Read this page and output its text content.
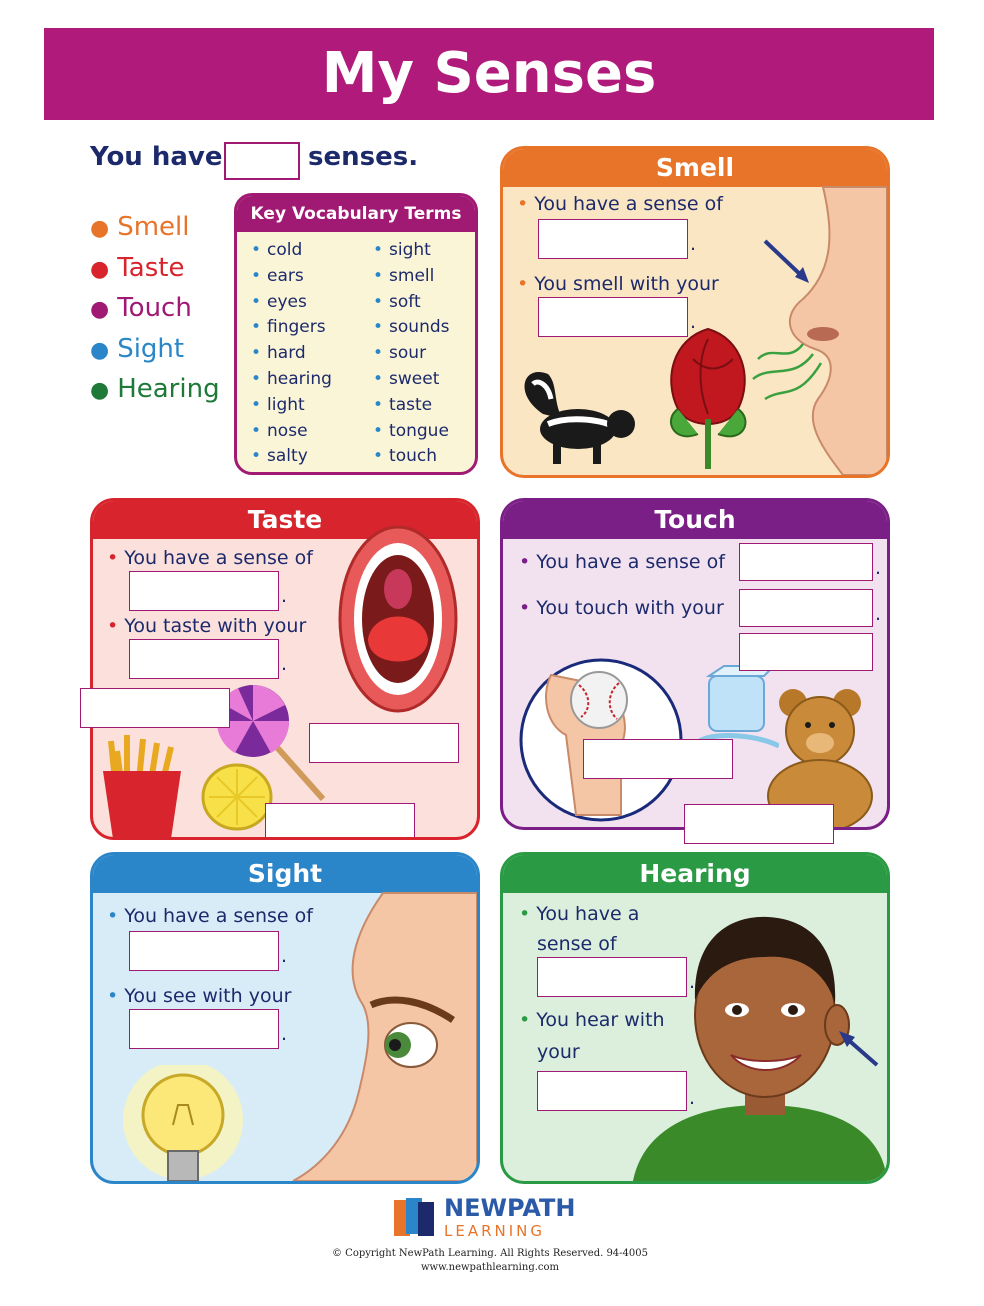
My Senses
You have	senses.
● Smell
● Taste
● Touch
● Sight
● Hearing
Key Vocabulary Terms
• cold
• ears
• eyes
• fingers
• hard
• hearing
• light
• nose
• salty
• sight
• smell
• soft
• sounds
• sour
• sweet
• taste
• tongue
• touch
Smell
• You have a sense of
.
• You smell with your
.
Taste
• You have a sense of
.
• You taste with your
.
Touch
• You have a sense of	.
• You touch with your	.
Sight
• You have a sense of
.
• You see with your
.
Hearing
• You have a
sense of
.
• You hear with
your
.
NEWPATH
LEARNING
© Copyright NewPath Learning. All Rights Reserved. 94-4005
www.newpathlearning.com
